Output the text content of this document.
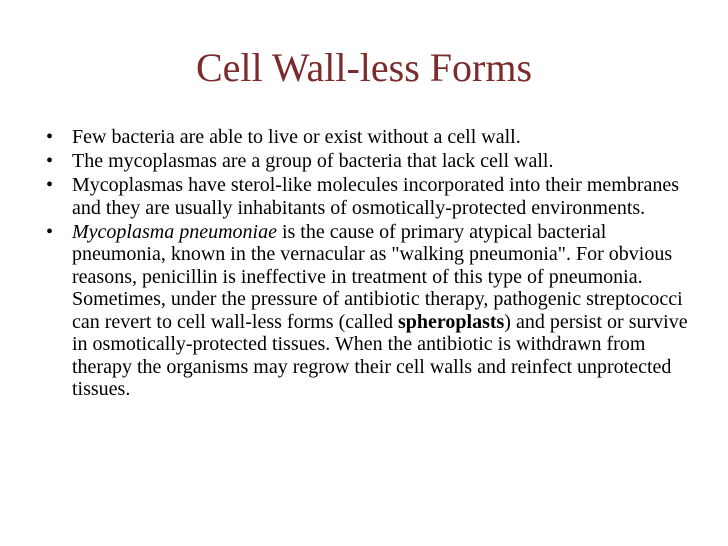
Cell Wall-less Forms
• Few bacteria are able to live or exist without a cell wall.
• The mycoplasmas are a group of bacteria that lack cell wall.
• Mycoplasmas have sterol-like molecules incorporated into their membranes and they are usually inhabitants of osmotically-protected environments.
• Mycoplasma pneumoniae is the cause of primary atypical bacterial pneumonia, known in the vernacular as "walking pneumonia". For obvious reasons, penicillin is ineffective in treatment of this type of pneumonia. Sometimes, under the pressure of antibiotic therapy, pathogenic streptococci can revert to cell wall-less forms (called spheroplasts) and persist or survive in osmotically-protected tissues. When the antibiotic is withdrawn from therapy the organisms may regrow their cell walls and reinfect unprotected tissues.
